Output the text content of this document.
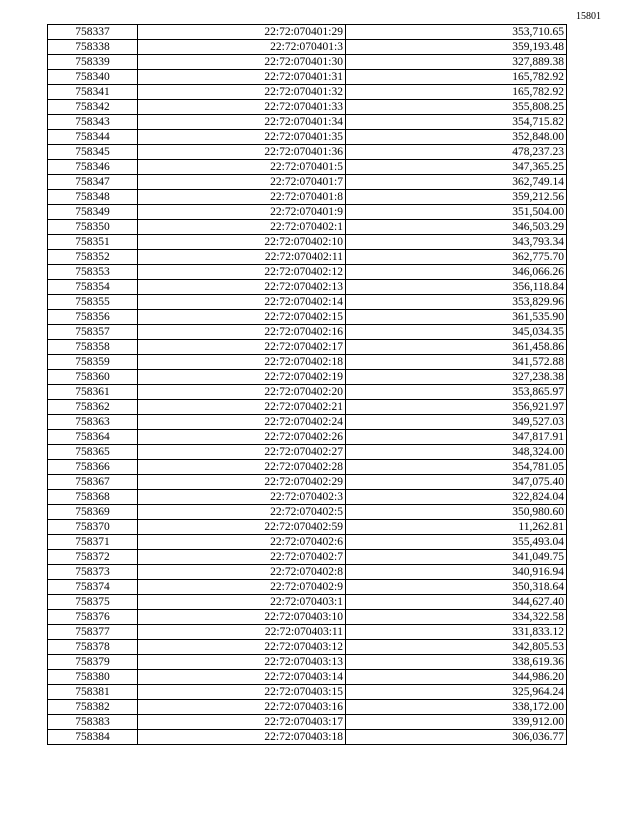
15801
758337	22:72:070401:29	353,710.65
758338	22:72:070401:3	359,193.48
758339	22:72:070401:30	327,889.38
758340	22:72:070401:31	165,782.92
758341	22:72:070401:32	165,782.92
758342	22:72:070401:33	355,808.25
758343	22:72:070401:34	354,715.82
758344	22:72:070401:35	352,848.00
758345	22:72:070401:36	478,237.23
758346	22:72:070401:5	347,365.25
758347	22:72:070401:7	362,749.14
758348	22:72:070401:8	359,212.56
758349	22:72:070401:9	351,504.00
758350	22:72:070402:1	346,503.29
758351	22:72:070402:10	343,793.34
758352	22:72:070402:11	362,775.70
758353	22:72:070402:12	346,066.26
758354	22:72:070402:13	356,118.84
758355	22:72:070402:14	353,829.96
758356	22:72:070402:15	361,535.90
758357	22:72:070402:16	345,034.35
758358	22:72:070402:17	361,458.86
758359	22:72:070402:18	341,572.88
758360	22:72:070402:19	327,238.38
758361	22:72:070402:20	353,865.97
758362	22:72:070402:21	356,921.97
758363	22:72:070402:24	349,527.03
758364	22:72:070402:26	347,817.91
758365	22:72:070402:27	348,324.00
758366	22:72:070402:28	354,781.05
758367	22:72:070402:29	347,075.40
758368	22:72:070402:3	322,824.04
758369	22:72:070402:5	350,980.60
758370	22:72:070402:59	11,262.81
758371	22:72:070402:6	355,493.04
758372	22:72:070402:7	341,049.75
758373	22:72:070402:8	340,916.94
758374	22:72:070402:9	350,318.64
758375	22:72:070403:1	344,627.40
758376	22:72:070403:10	334,322.58
758377	22:72:070403:11	331,833.12
758378	22:72:070403:12	342,805.53
758379	22:72:070403:13	338,619.36
758380	22:72:070403:14	344,986.20
758381	22:72:070403:15	325,964.24
758382	22:72:070403:16	338,172.00
758383	22:72:070403:17	339,912.00
758384	22:72:070403:18	306,036.77
